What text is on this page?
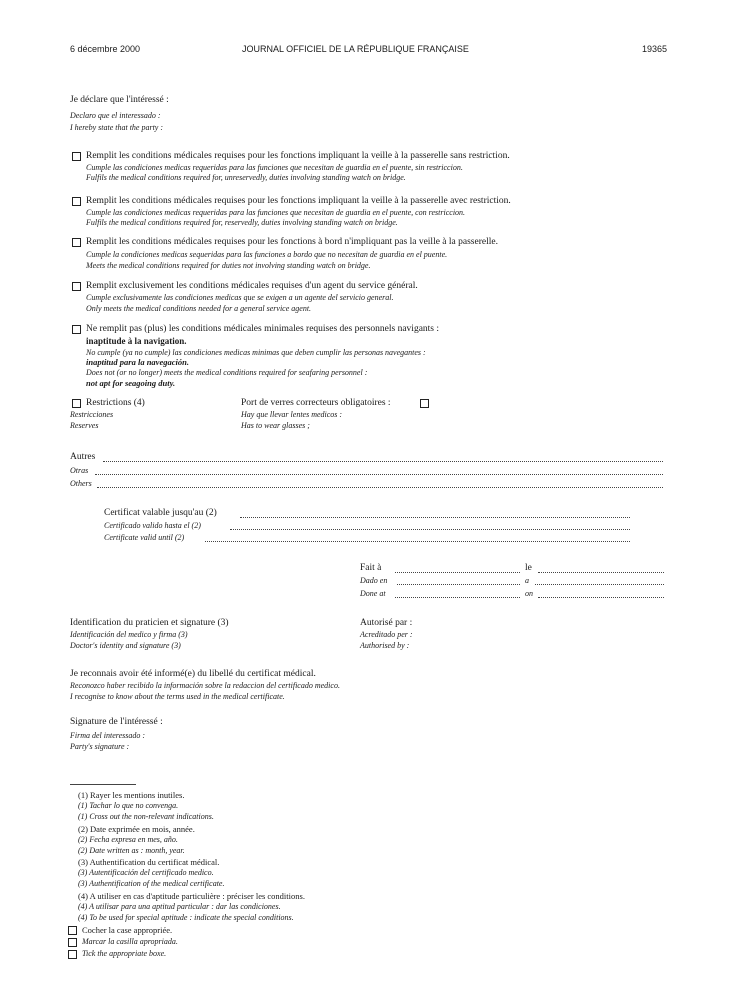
6 décembre 2000	JOURNAL OFFICIEL DE LA RÉPUBLIQUE FRANÇAISE	19365
Je déclare que l'intéressé :
Declaro que el interessado :
I hereby state that the party :
Remplit les conditions médicales requises pour les fonctions impliquant la veille à la passerelle sans restriction.
Cumple las condiciones medicas requeridas para las funciones que necesitan de guardia en el puente, sin restriccion.
Fulfils the medical conditions required for, unreservedly, duties involving standing watch on bridge.
Remplit les conditions médicales requises pour les fonctions impliquant la veille à la passerelle avec restriction.
Cumple las condiciones medicas requeridas para las funciones que necesitan de guardia en el puente, con restriccion.
Fulfils the medical conditions required for, reservedly, duties involving standing watch on bridge.
Remplit les conditions médicales requises pour les fonctions à bord n'impliquant pas la veille à la passerelle.
Cumple la condiciones medicas sequeridas para las funciones a bordo que no necesitan de guardia en el puente.
Meets the medical conditions required for duties not involving standing watch on bridge.
Remplit exclusivement les conditions médicales requises d'un agent du service général.
Cumple exclusivamente las condiciones medicas que se exigen a un agente del servicio general.
Only meets the medical conditions needed for a general service agent.
Ne remplit pas (plus) les conditions médicales minimales requises des personnels navigants :
inaptitude à la navigation.
No cumple (ya no cumple) las condiciones medicas minimas que deben cumplir las personas navegantes :
inaptitud para la navegación.
Does not (or no longer) meets the medical conditions required for seafaring personnel :
not apt for seagoing duty.
Restrictions (4)
Restricciones
Reserves
Port de verres correcteurs obligatoires :
Hay que llevar lentes medicos :
Has to wear glasses ;
Autres
Otras
Others
Certificat valable jusqu'au (2)
Certificado valido hasta el (2)
Certificate valid until (2)
Fait à	le
Dado en	a
Done at	on
Identification du praticien et signature (3)
Identificación del medico y firma (3)
Doctor's identity and signature (3)
Autorisé par :
Acreditado per :
Authorised by :
Je reconnais avoir été informé(e) du libellé du certificat médical.
Reconozco haber recibido la información sobre la redaccion del certificado medico.
I recognise to know about the terms used in the medical certificate.
Signature de l'intéressé :
Firma del interessado :
Party's signature :
(1) Rayer les mentions inutiles.
(1) Tachar lo que no convenga.
(1) Cross out the non-relevant indications.
(2) Date exprimée en mois, année.
(2) Fecha expresa en mes, año.
(2) Date written as : month, year.
(3) Authentification du certificat médical.
(3) Autentificación del certificado medico.
(3) Authentification of the medical certificate.
(4) A utiliser en cas d'aptitude particulière : préciser les conditions.
(4) A utilisar para una aptitud particular : dar las condiciones.
(4) To be used for special aptitude : indicate the special conditions.
Cocher la case appropriée.
Marcar la casilla apropriada.
Tick the appropriate boxe.
